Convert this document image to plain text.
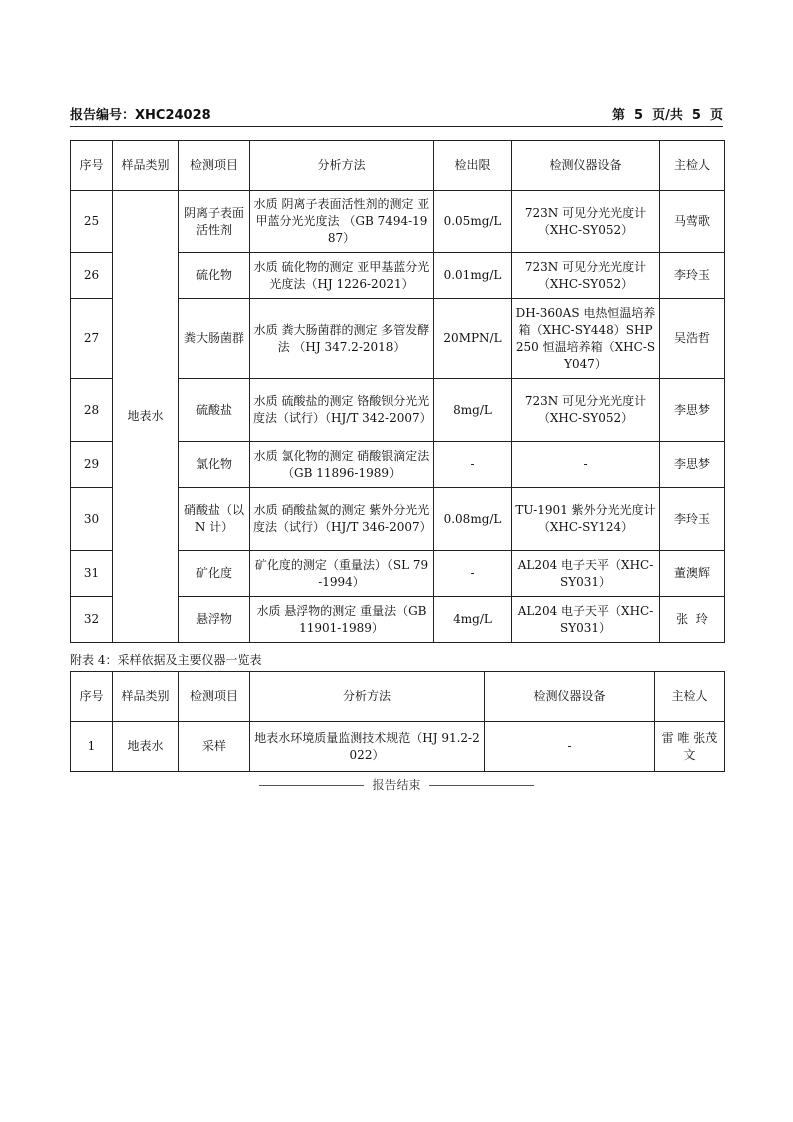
报告编号：XHC24028	第  5  页/共  5  页
序号	样品类别	检测项目	分析方法	检出限	检测仪器设备	主检人
25	地表水	阴离子表面活性剂	水质 阴离子表面活性剂的测定 亚甲蓝分光光度法 （GB 7494-1987）	0.05mg/L	723N 可见分光光度计（XHC-SY052）	马莺歌
26		硫化物	水质 硫化物的测定 亚甲基蓝分光光度法（HJ 1226-2021）	0.01mg/L	723N 可见分光光度计（XHC-SY052）	李玲玉
27		粪大肠菌群	水质 粪大肠菌群的测定 多管发酵法 （HJ 347.2-2018）	20MPN/L	DH-360AS 电热恒温培养箱（XHC-SY448）SHP250 恒温培养箱（XHC-SY047）	吴浩哲
28		硫酸盐	水质 硫酸盐的测定 铬酸钡分光光度法（试行）（HJ/T 342-2007）	8mg/L	723N 可见分光光度计（XHC-SY052）	李思梦
29		氯化物	水质 氯化物的测定 硝酸银滴定法（GB 11896-1989）	-	-	李思梦
30		硝酸盐（以 N 计）	水质 硝酸盐氮的测定 紫外分光光度法（试行）（HJ/T 346-2007）	0.08mg/L	TU-1901 紫外分光光度计（XHC-SY124）	李玲玉
31		矿化度	矿化度的测定（重量法）（SL 79-1994）	-	AL204 电子天平（XHC-SY031）	董澳辉
32		悬浮物	水质 悬浮物的测定 重量法（GB 11901-1989）	4mg/L	AL204 电子天平（XHC-SY031）	张  玲
附表 4：采样依据及主要仪器一览表
序号	样品类别	检测项目	分析方法	检测仪器设备	主检人
1	地表水	采样	地表水环境质量监测技术规范（HJ 91.2-2022）	-	雷 唯 张茂文
报告结束
